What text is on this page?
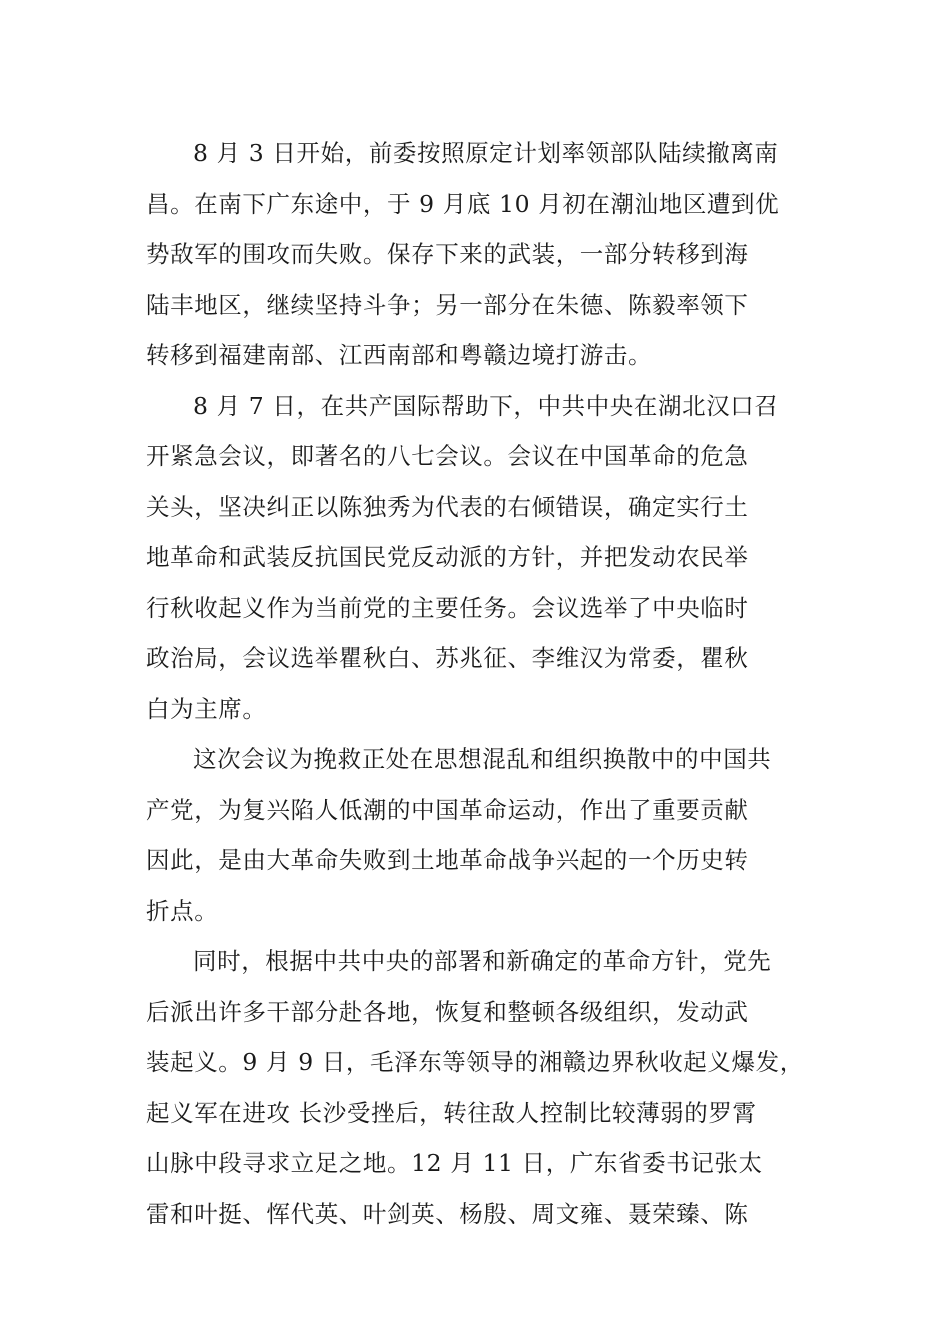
8 月 3 日开始，前委按照原定计划率领部队陆续撤离南
昌。在南下广东途中，于 9 月底 10 月初在潮汕地区遭到优
势敌军的围攻而失败。保存下来的武装，一部分转移到海
陆丰地区，继续坚持斗争；另一部分在朱德、陈毅率领下
转移到福建南部、江西南部和粤赣边境打游击。
8 月 7 日，在共产国际帮助下，中共中央在湖北汉口召
开紧急会议，即著名的八七会议。会议在中国革命的危急
关头，坚决纠正以陈独秀为代表的右倾错误，确定实行土
地革命和武装反抗国民党反动派的方针，并把发动农民举
行秋收起义作为当前党的主要任务。会议选举了中央临时
政治局，会议选举瞿秋白、苏兆征、李维汉为常委，瞿秋
白为主席。
这次会议为挽救正处在思想混乱和组织换散中的中国共
产党，为复兴陷人低潮的中国革命运动，作出了重要贡献
因此，是由大革命失败到土地革命战争兴起的一个历史转
折点。
同时，根据中共中央的部署和新确定的革命方针，党先
后派出许多干部分赴各地，恢复和整顿各级组织，发动武
装起义。9 月 9 日，毛泽东等领导的湘赣边界秋收起义爆发，
起义军在进攻 长沙受挫后，转往敌人控制比较薄弱的罗霄
山脉中段寻求立足之地。12 月 11 日，广东省委书记张太
雷和叶挺、恽代英、叶剑英、杨殷、周文雍、聂荣臻、陈
